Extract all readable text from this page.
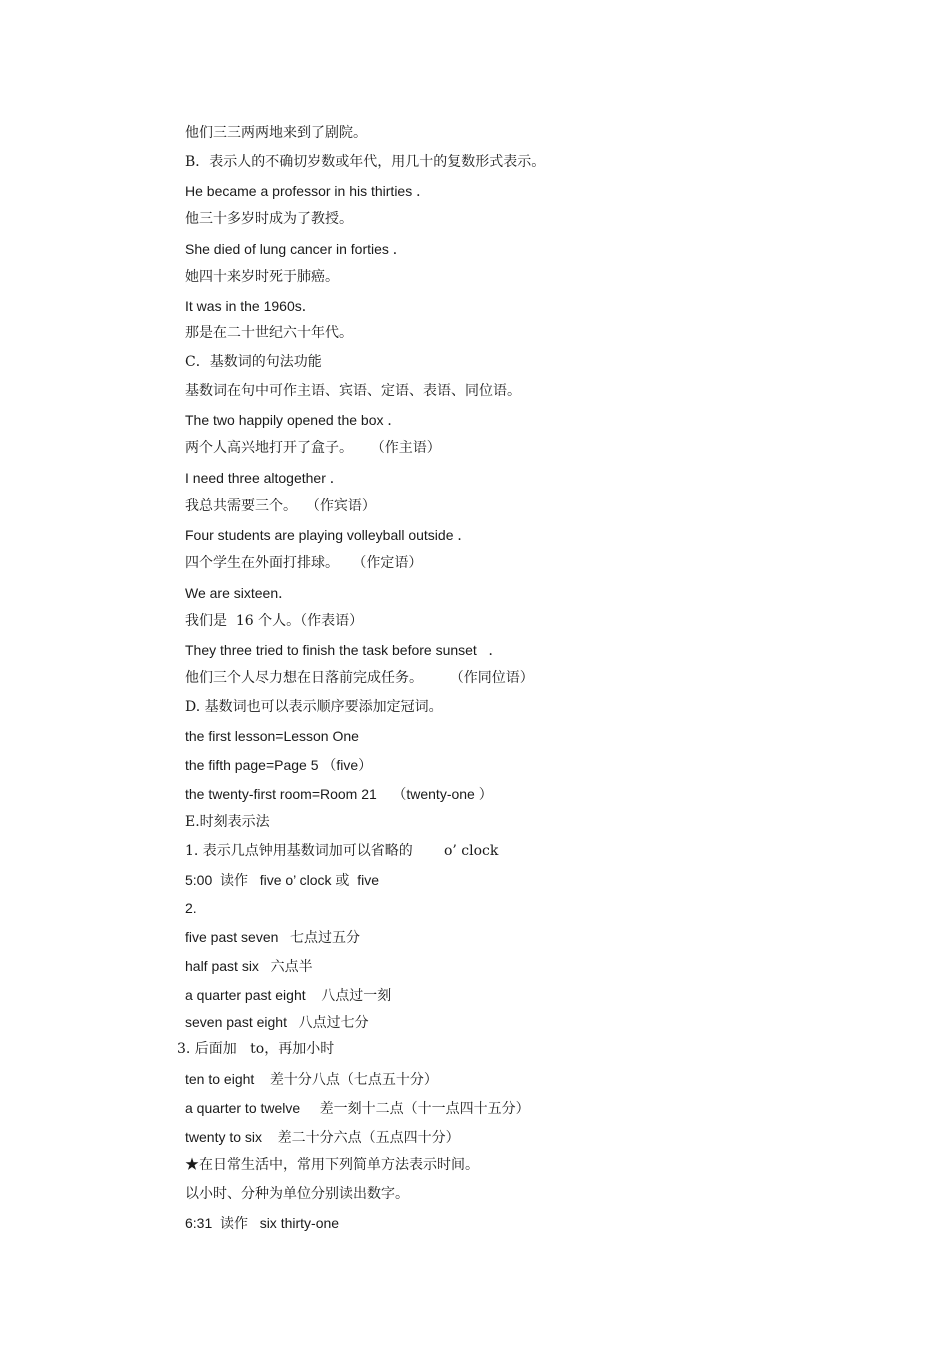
他们三三两两地来到了剧院。
B．表示人的不确切岁数或年代，用几十的复数形式表示。
He became a professor in his thirties ．
他三十多岁时成为了教授。
She died of lung cancer in forties ．
她四十来岁时死于肺癌。
It was in the 1960s．
那是在二十世纪六十年代。
C．基数词的句法功能
基数词在句中可作主语、宾语、定语、表语、同位语。
The two happily opened the box ．
两个人高兴地打开了盒子。    （作主语）
I need three altogether ．
我总共需要三个。  （作宾语）
Four students are playing volleyball outside ．
四个学生在外面打排球。   （作定语）
We are sixteen．
我们是  16 个人。（作表语）
They three tried to finish the task before sunset   ．
他们三个人尽力想在日落前完成任务。      （作同位语）
D. 基数词也可以表示顺序要添加定冠词。
the first lesson=Lesson One
the fifth page=Page 5 （five）
the twenty-first room=Room 21    （twenty-one ）
E.时刻表示法
1. 表示几点钟用基数词加可以省略的       o’ clock
5:00  读作   five o’ clock 或  five
2.
five past seven   七点过五分
half past six   六点半
a quarter past eight    八点过一刻
seven past eight   八点过七分
3. 后面加   to，再加小时
ten to eight    差十分八点（七点五十分）
a quarter to twelve     差一刻十二点（十一点四十五分）
twenty to six    差二十分六点（五点四十分）
★在日常生活中，常用下列简单方法表示时间。
以小时、分种为单位分别读出数字。
6:31  读作   six thirty-one
